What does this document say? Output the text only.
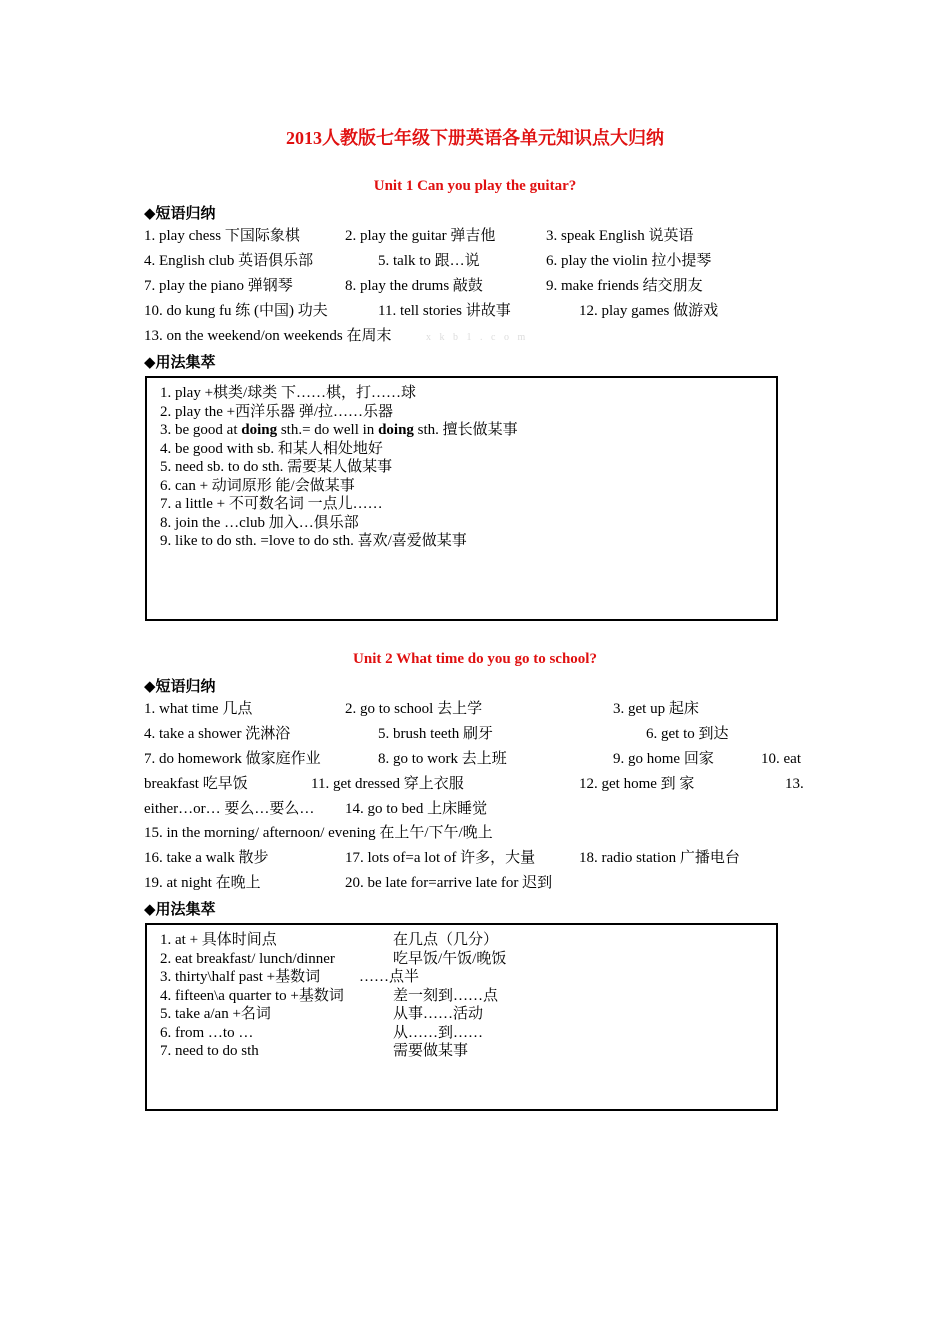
2013人教版七年级下册英语各单元知识点大归纳
Unit 1 Can you play the guitar?
◆短语归纳
1. play chess 下国际象棋	2. play the guitar 弹吉他	3. speak English 说英语
4. English club 英语俱乐部	5. talk to 跟…说	6. play the violin 拉小提琴
7. play the piano 弹钢琴	8. play the drums 敲鼓	9. make friends 结交朋友
10. do kung fu 练 (中国) 功夫	11. tell stories 讲故事	12. play games 做游戏
13. on the weekend/on weekends 在周末	x k b 1 . c o m
◆用法集萃
1. play +棋类/球类 下……棋，打……球
2. play the +西洋乐器 弹/拉……乐器
3. be good at doing sth.= do well in doing sth. 擅长做某事
4. be good with sb. 和某人相处地好
5. need sb. to do sth. 需要某人做某事
6. can + 动词原形 能/会做某事
7. a little + 不可数名词 一点儿……
8. join the …club 加入…俱乐部
9. like to do sth. =love to do sth. 喜欢/喜爱做某事
Unit 2 What time do you go to school?
◆短语归纳
1. what time 几点	2. go to school 去上学	3. get up 起床
4. take a shower 洗淋浴	5. brush teeth 刷牙	6. get to 到达
7. do homework 做家庭作业	8. go to work 去上班	9. go home 回家	10. eat
breakfast 吃早饭	11. get dressed 穿上衣服	12. get home 到 家	13.
either…or… 要么…要么… 14. go to bed 上床睡觉
15. in the morning/ afternoon/ evening 在上午/下午/晚上
16. take a walk 散步	17. lots of=a lot of 许多，大量	18. radio station 广播电台
19. at night 在晚上	20. be late for=arrive late for 迟到
◆用法集萃
1. at + 具体时间点	在几点（几分）
2. eat breakfast/ lunch/dinner	吃早饭/午饭/晚饭
3. thirty\half past +基数词	……点半
4. fifteen\a quarter to +基数词	差一刻到……点
5. take a/an +名词	从事……活动
6. from …to …	从……到……
7. need to do sth	需要做某事
